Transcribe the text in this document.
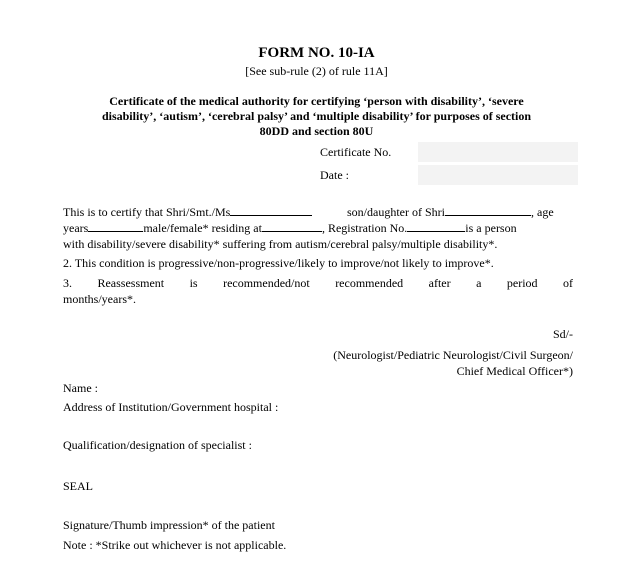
FORM NO. 10-IA
[See sub-rule (2) of rule 11A]
Certificate of the medical authority for certifying ‘person with disability’, ‘severe
disability’, ‘autism’, ‘cerebral palsy’ and ‘multiple disability’ for purposes of section
80DD and section 80U
Certificate No.
Date :
This is to certify that Shri/Smt./Ms	son/daughter of Shri	, age
years	male/female* residing at	, Registration No.	is a person
with disability/severe disability* suffering from autism/cerebral palsy/multiple disability*.
2. This condition is progressive/non-progressive/likely to improve/not likely to improve*.
3. Reassessment is recommended/not recommended after a period of
months/years*.
Sd/-
(Neurologist/Pediatric Neurologist/Civil Surgeon/
Chief Medical Officer*)
Name :
Address of Institution/Government hospital :
Qualification/designation of specialist :
SEAL
Signature/Thumb impression* of the patient
Note : *Strike out whichever is not applicable.
